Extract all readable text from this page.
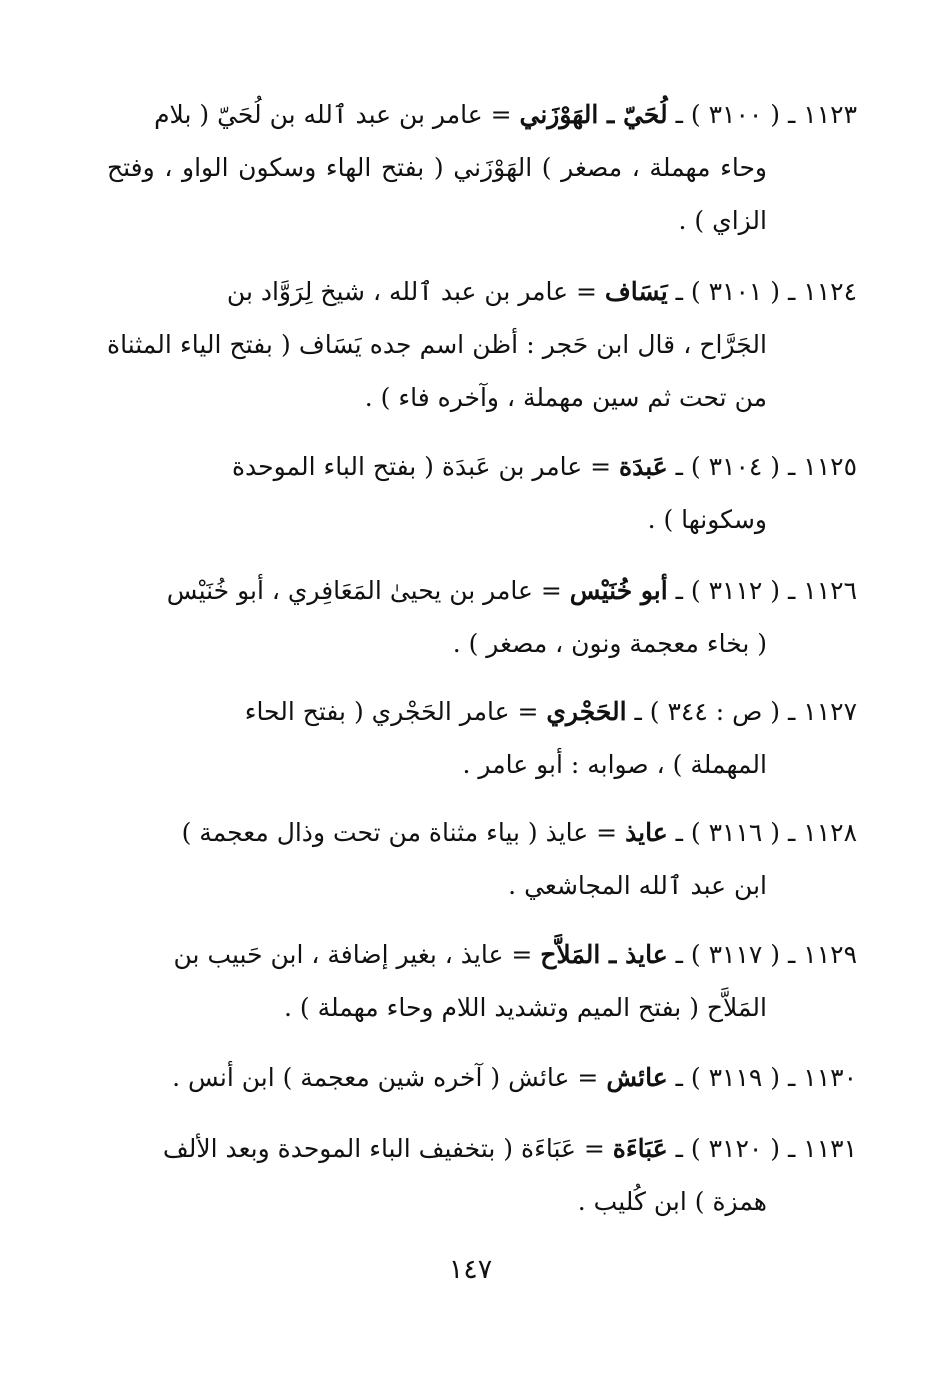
١١٢٣ ـ ( ٣١٠٠ ) ـ لُحَيّ ـ الهَوْزَني = عامر بن عبد ٱلله بن لُحَيّ ( بلام
وحاء مهملة ، مصغر ) الهَوْزَني ( بفتح الهاء وسكون الواو ، وفتح الزاي ) .
١١٢٤ ـ ( ٣١٠١ ) ـ يَسَاف = عامر بن عبد ٱلله ، شيخ لِرَوَّاد بن
الجَرَّاح ، قال ابن حَجر : أظن اسم جده يَسَاف ( بفتح الياء المثناة من تحت ثم سين مهملة ، وآخره فاء ) .
١١٢٥ ـ ( ٣١٠٤ ) ـ عَبدَة = عامر بن عَبدَة ( بفتح الباء الموحدة
وسكونها ) .
١١٢٦ ـ ( ٣١١٢ ) ـ أبو خُنَيْس = عامر بن يحيىٰ المَعَافِري ، أبو خُنَيْس
( بخاء معجمة ونون ، مصغر ) .
١١٢٧ ـ ( ص : ٣٤٤ ) ـ الحَجْري = عامر الحَجْري ( بفتح الحاء
المهملة ) ، صوابه : أبو عامر .
١١٢٨ ـ ( ٣١١٦ ) ـ عايذ = عايذ ( بياء مثناة من تحت وذال معجمة )
ابن عبد ٱلله المجاشعي .
١١٢٩ ـ ( ٣١١٧ ) ـ عايذ ـ المَلاَّح = عايذ ، بغير إضافة ، ابن حَبيب بن
المَلاَّح ( بفتح الميم وتشديد اللام وحاء مهملة ) .
١١٣٠ ـ ( ٣١١٩ ) ـ عائش = عائش ( آخره شين معجمة ) ابن أنس .
١١٣١ ـ ( ٣١٢٠ ) ـ عَبَاءَة = عَبَاءَة ( بتخفيف الباء الموحدة وبعد الألف
همزة ) ابن كُليب .
١٤٧
